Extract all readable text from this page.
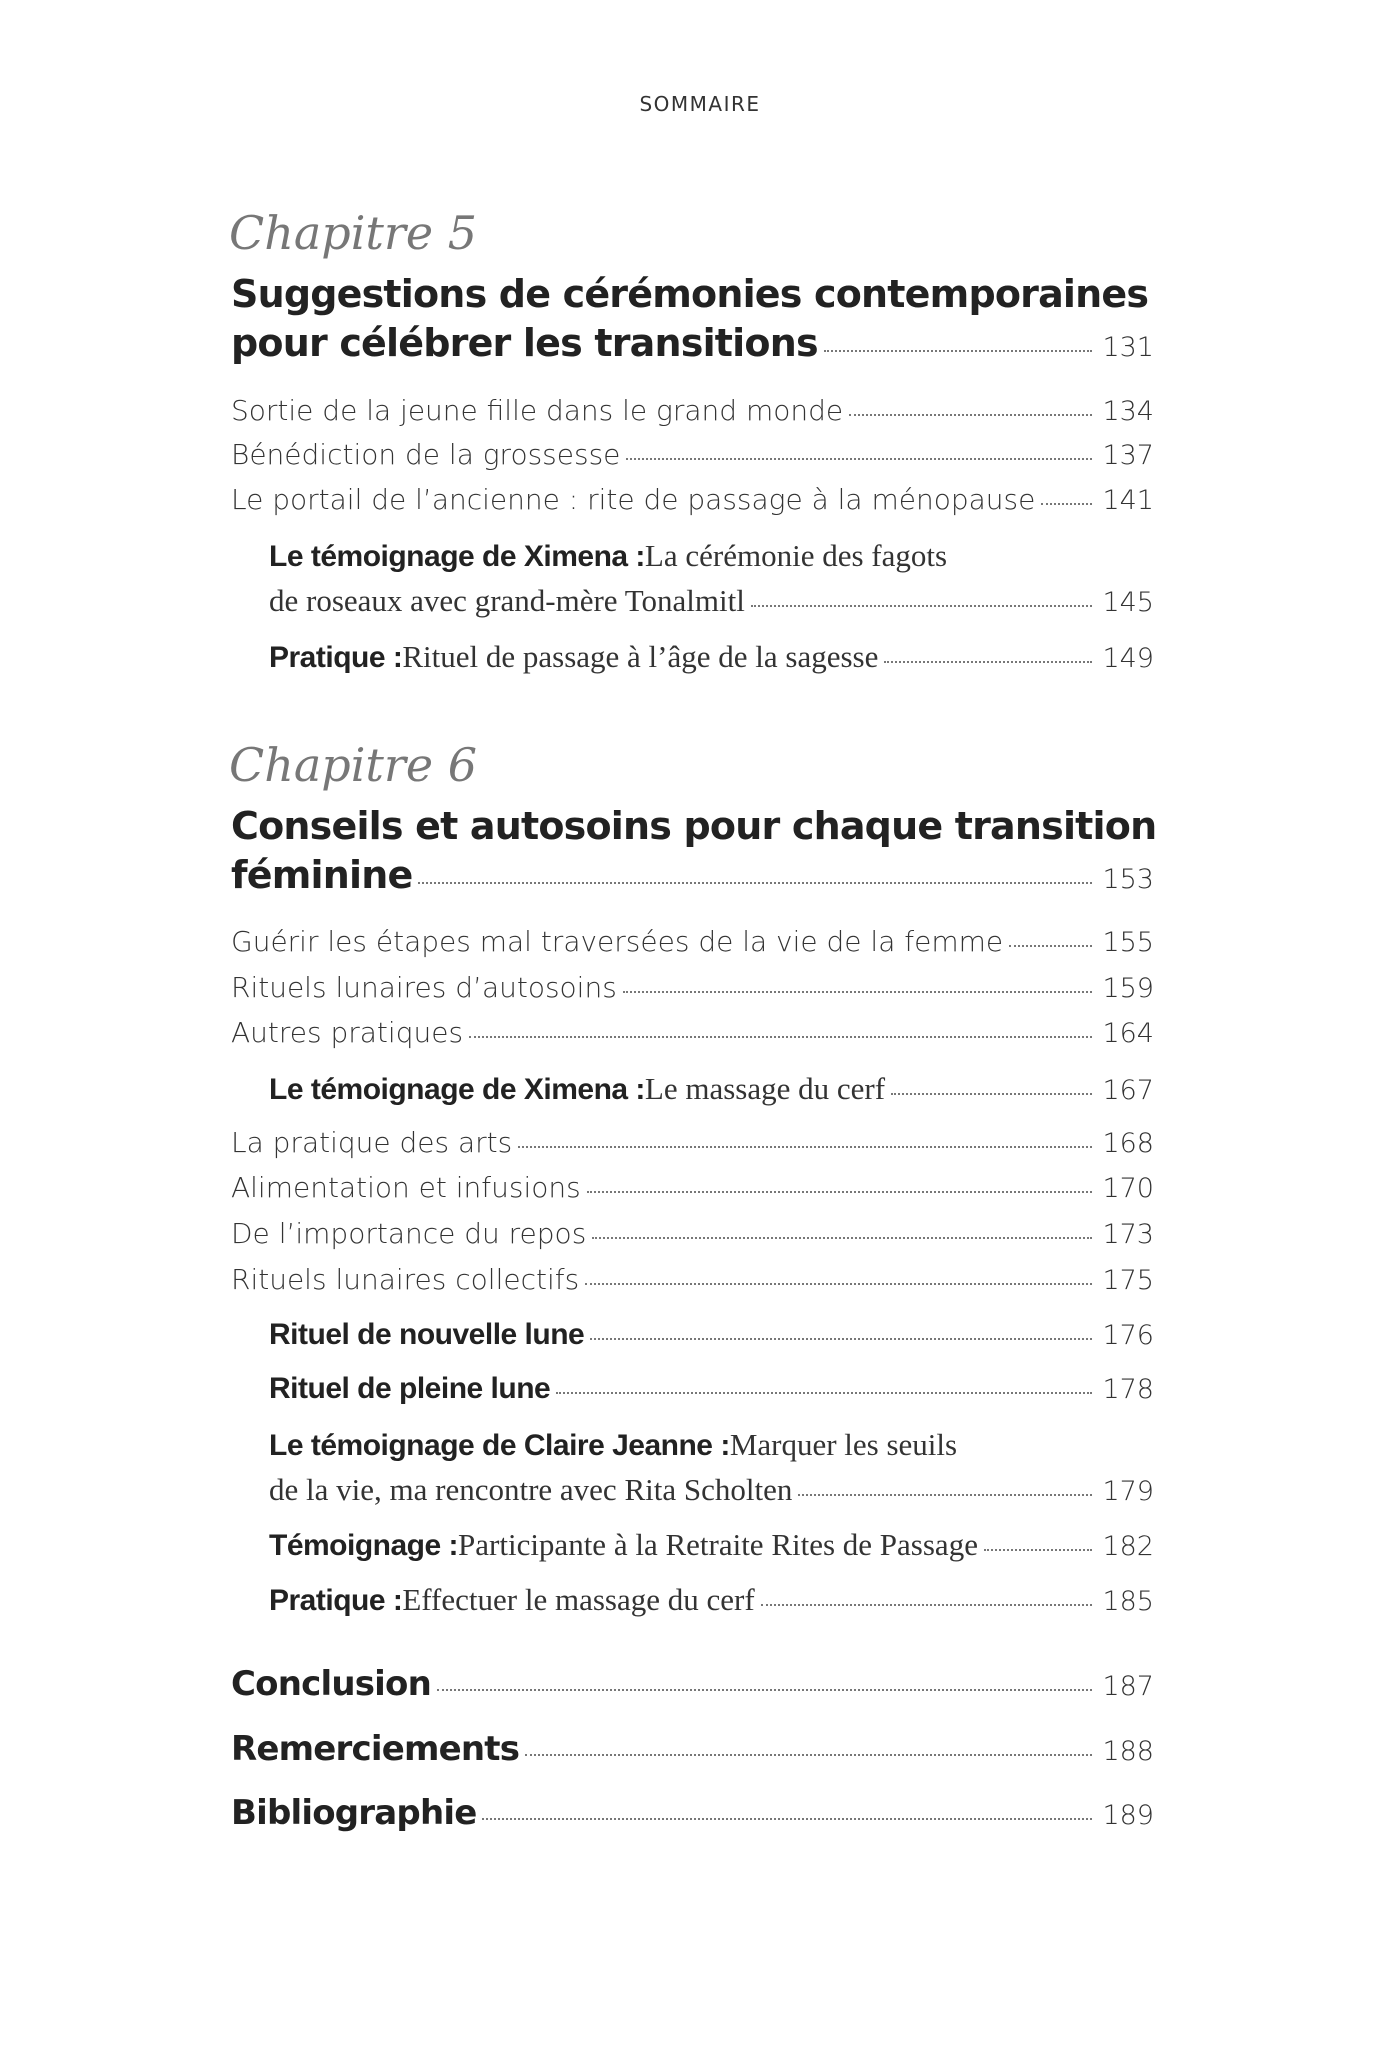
SOMMAIRE
Chapitre 5
Suggestions de cérémonies contemporaines
pour célébrer les transitions	131
Sortie de la jeune fille dans le grand monde	134
Bénédiction de la grossesse	137
Le portail de l’ancienne : rite de passage à la ménopause 141
Le témoignage de Ximena : La cérémonie des fagots
de roseaux avec grand-mère Tonalmitl	145
Pratique : Rituel de passage à l’âge de la sagesse	149
Chapitre 6
Conseils et autosoins pour chaque transition
féminine	153
Guérir les étapes mal traversées de la vie de la femme	155
Rituels lunaires d’autosoins	159
Autres pratiques	164
Le témoignage de Ximena : Le massage du cerf	167
La pratique des arts	168
Alimentation et infusions	170
De l’importance du repos	173
Rituels lunaires collectifs	175
Rituel de nouvelle lune	176
Rituel de pleine lune	178
Le témoignage de Claire Jeanne : Marquer les seuils
de la vie, ma rencontre avec Rita Scholten	179
Témoignage : Participante à la Retraite Rites de Passage	182
Pratique : Effectuer le massage du cerf	185
Conclusion	187
Remerciements	188
Bibliographie	189
